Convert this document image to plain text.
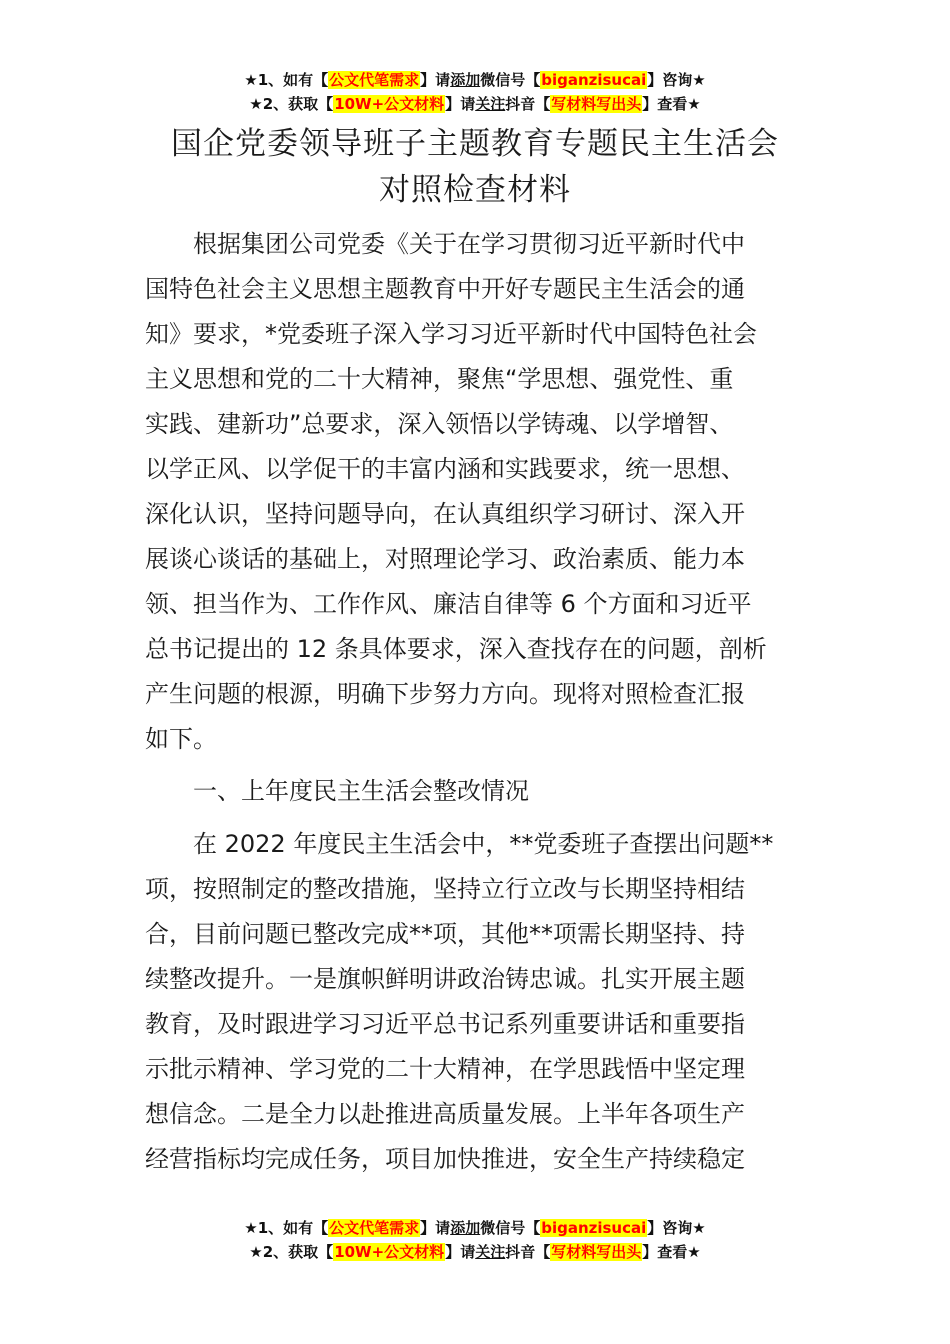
★1、如有【公文代笔需求】请添加微信号【biganzisucai】咨询★
★2、获取【10W+公文材料】请关注抖音【写材料写出头】查看★
国企党委领导班子主题教育专题民主生活会
对照检查材料
　　根据集团公司党委《关于在学习贯彻习近平新时代中
国特色社会主义思想主题教育中开好专题民主生活会的通
知》要求，*党委班子深入学习习近平新时代中国特色社会
主义思想和党的二十大精神，聚焦“学思想、强党性、重
实践、建新功”总要求，深入领悟以学铸魂、以学增智、
以学正风、以学促干的丰富内涵和实践要求，统一思想、
深化认识，坚持问题导向，在认真组织学习研讨、深入开
展谈心谈话的基础上，对照理论学习、政治素质、能力本
领、担当作为、工作作风、廉洁自律等 6 个方面和习近平
总书记提出的 12 条具体要求，深入查找存在的问题，剖析
产生问题的根源，明确下步努力方向。现将对照检查汇报
如下。
　　一、上年度民主生活会整改情况
　　在 2022 年度民主生活会中，**党委班子查摆出问题**
项，按照制定的整改措施，坚持立行立改与长期坚持相结
合，目前问题已整改完成**项，其他**项需长期坚持、持
续整改提升。一是旗帜鲜明讲政治铸忠诚。扎实开展主题
教育，及时跟进学习习近平总书记系列重要讲话和重要指
示批示精神、学习党的二十大精神，在学思践悟中坚定理
想信念。二是全力以赴推进高质量发展。上半年各项生产
经营指标均完成任务，项目加快推进，安全生产持续稳定
★1、如有【公文代笔需求】请添加微信号【biganzisucai】咨询★
★2、获取【10W+公文材料】请关注抖音【写材料写出头】查看★
